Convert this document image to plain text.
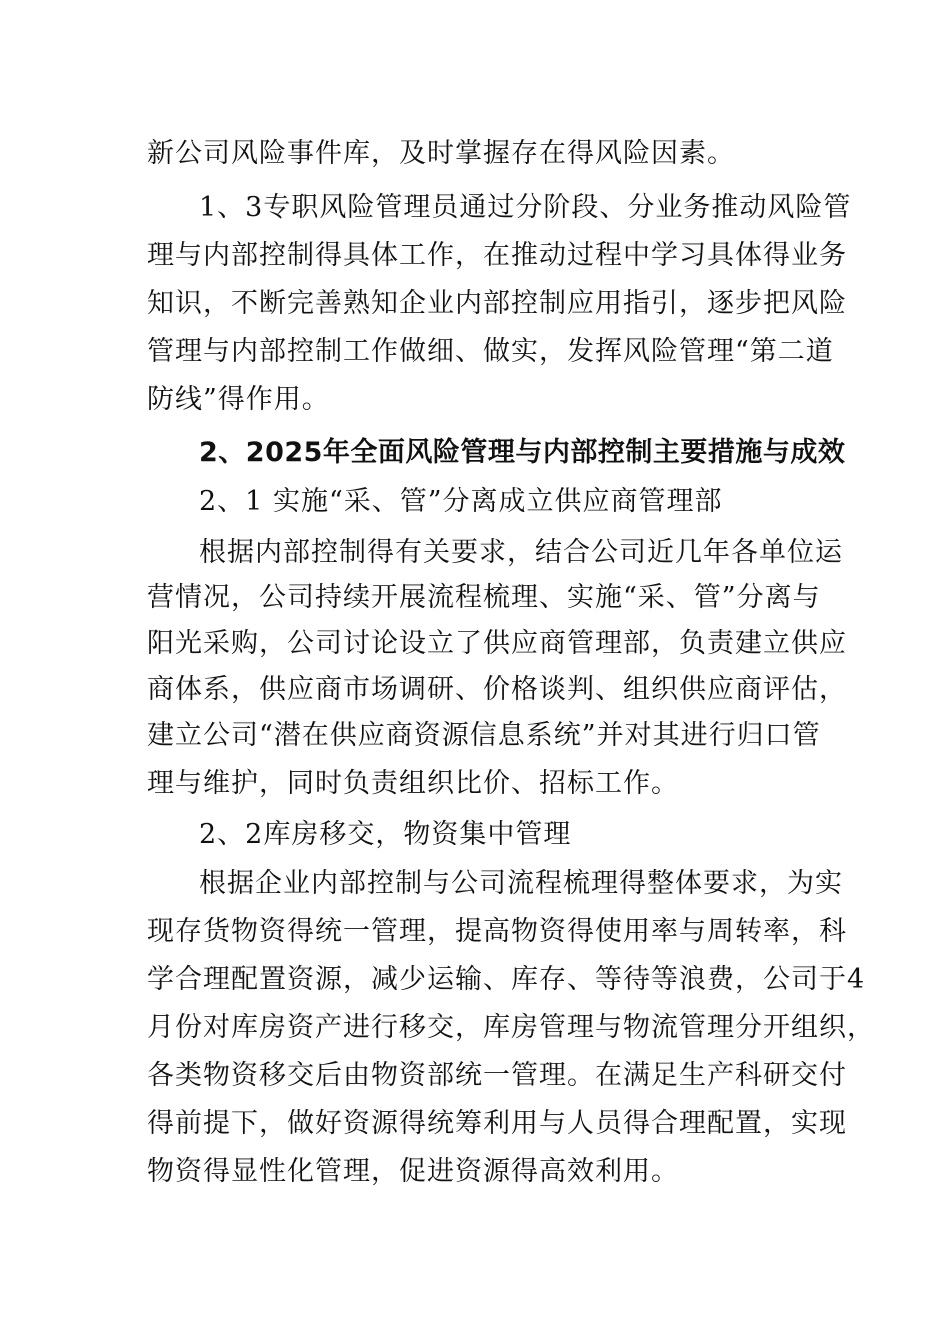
新公司风险事件库，及时掌握存在得风险因素。
1、3专职风险管理员通过分阶段、分业务推动风险管
理与内部控制得具体工作，在推动过程中学习具体得业务
知识，不断完善熟知企业内部控制应用指引，逐步把风险
管理与内部控制工作做细、做实，发挥风险管理“第二道
防线”得作用。
2、2025年全面风险管理与内部控制主要措施与成效
2、1 实施“采、管”分离成立供应商管理部
根据内部控制得有关要求，结合公司近几年各单位运
营情况，公司持续开展流程梳理、实施“采、管”分离与
阳光采购，公司讨论设立了供应商管理部，负责建立供应
商体系，供应商市场调研、价格谈判、组织供应商评估，
建立公司“潜在供应商资源信息系统”并对其进行归口管
理与维护，同时负责组织比价、招标工作。
2、2库房移交，物资集中管理
根据企业内部控制与公司流程梳理得整体要求，为实
现存货物资得统一管理，提高物资得使用率与周转率，科
学合理配置资源，减少运输、库存、等待等浪费，公司于4
月份对库房资产进行移交，库房管理与物流管理分开组织，
各类物资移交后由物资部统一管理。在满足生产科研交付
得前提下，做好资源得统筹利用与人员得合理配置，实现
物资得显性化管理，促进资源得高效利用。
